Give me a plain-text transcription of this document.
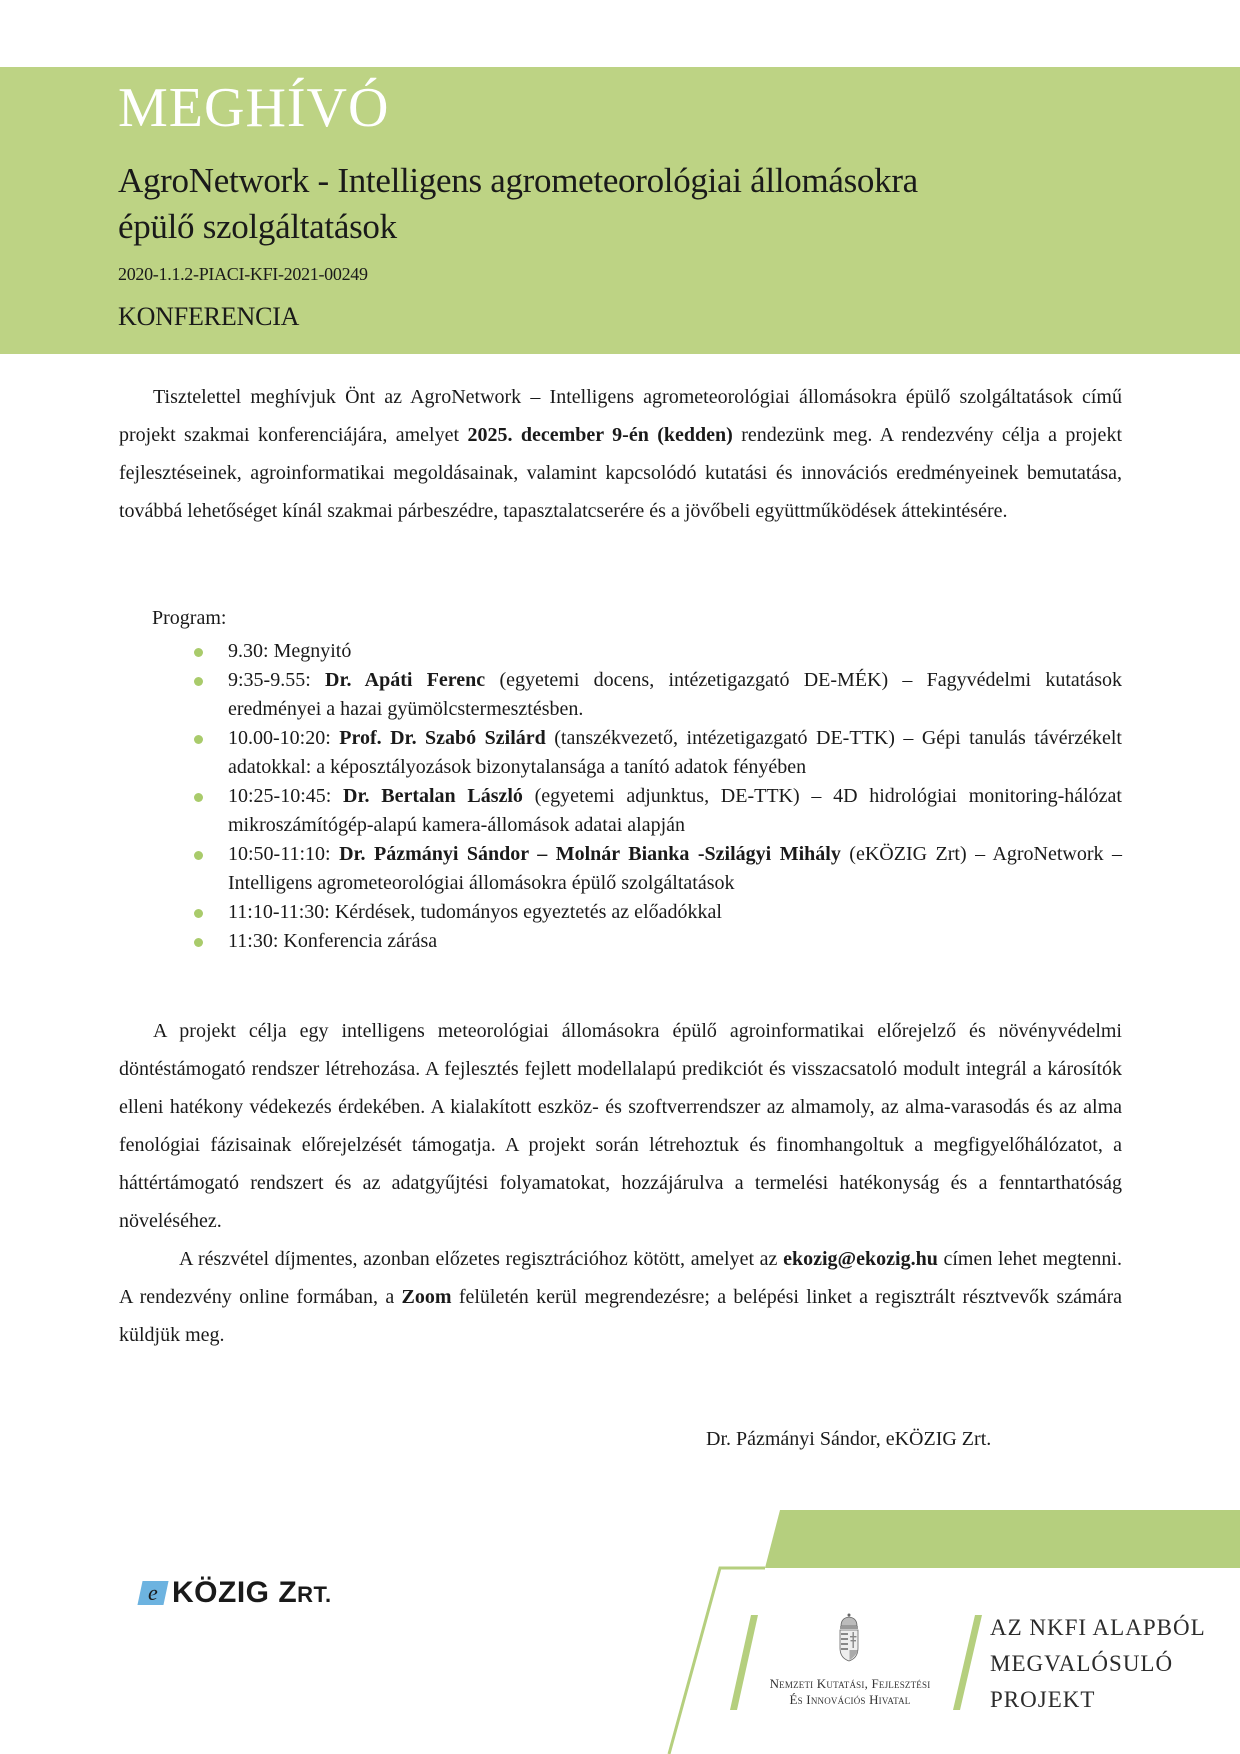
MEGHÍVÓ
AgroNetwork - Intelligens agrometeorológiai állomásokra
épülő szolgáltatások
2020-1.1.2-PIACI-KFI-2021-00249
KONFERENCIA

Tisztelettel meghívjuk Önt az AgroNetwork – Intelligens agrometeorológiai állomásokra épülő szolgáltatások című projekt szakmai konferenciájára, amelyet 2025. december 9-én (kedden) rendezünk meg. A rendezvény célja a projekt fejlesztéseinek, agroinformatikai megoldásainak, valamint kapcsolódó kutatási és innovációs eredményeinek bemutatása, továbbá lehetőséget kínál szakmai párbeszédre, tapasztalatcserére és a jövőbeli együttműködések áttekintésére.

Program:
9.30: Megnyitó
9:35-9.55: Dr. Apáti Ferenc (egyetemi docens, intézetigazgató DE-MÉK) – Fagyvédelmi kutatások eredményei a hazai gyümölcstermesztésben.
10.00-10:20: Prof. Dr. Szabó Szilárd (tanszékvezető, intézetigazgató DE-TTK) – Gépi tanulás távérzékelt adatokkal: a képosztályozások bizonytalansága a tanító adatok fényében
10:25-10:45: Dr. Bertalan László (egyetemi adjunktus, DE-TTK) – 4D hidrológiai monitoring-hálózat mikroszámítógép-alapú kamera-állomások adatai alapján
10:50-11:10: Dr. Pázmányi Sándor – Molnár Bianka -Szilágyi Mihály (eKÖZIG Zrt) – AgroNetwork – Intelligens agrometeorológiai állomásokra épülő szolgáltatások
11:10-11:30: Kérdések, tudományos egyeztetés az előadókkal
11:30: Konferencia zárása

A projekt célja egy intelligens meteorológiai állomásokra épülő agroinformatikai előrejelző és növényvédelmi döntéstámogató rendszer létrehozása. A fejlesztés fejlett modellalapú predikciót és visszacsatoló modult integrál a károsítók elleni hatékony védekezés érdekében. A kialakított eszköz- és szoftverrendszer az almamoly, az alma-varasodás és az alma fenológiai fázisainak előrejelzését támogatja. A projekt során létrehoztuk és finomhangoltuk a megfigyelőhálózatot, a háttértámogató rendszert és az adatgyűjtési folyamatokat, hozzájárulva a termelési hatékonyság és a fenntarthatóság növeléséhez.

A részvétel díjmentes, azonban előzetes regisztrációhoz kötött, amelyet az ekozig@ekozig.hu címen lehet megtenni. A rendezvény online formában, a Zoom felületén kerül megrendezésre; a belépési linket a regisztrált résztvevők számára küldjük meg.

Dr. Pázmányi Sándor, eKÖZIG Zrt.
e KÖZIG ZRT.
Nemzeti Kutatási, Fejlesztési
És Innovációs Hivatal
AZ NKFI ALAPBÓL
MEGVALÓSULÓ
PROJEKT
